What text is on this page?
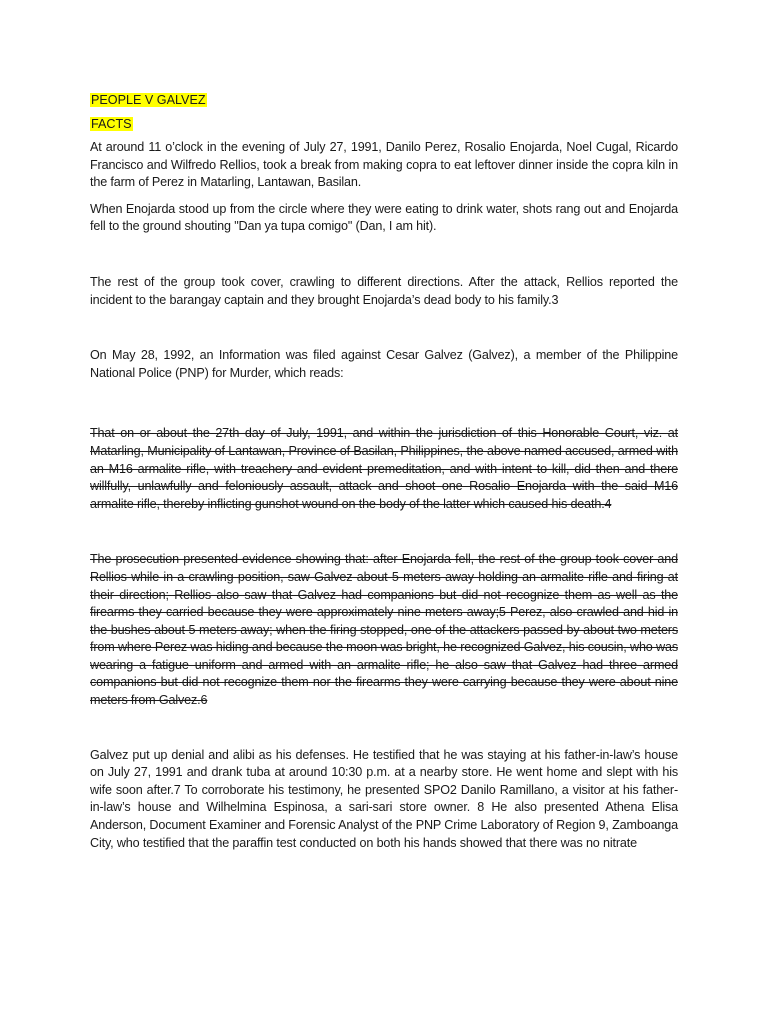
PEOPLE V GALVEZ
FACTS

At around 11 o’clock in the evening of July 27, 1991, Danilo Perez, Rosalio Enojarda, Noel Cugal, Ricardo Francisco and Wilfredo Rellios, took a break from making copra to eat leftover dinner inside the copra kiln in the farm of Perez in Matarling, Lantawan, Basilan.

When Enojarda stood up from the circle where they were eating to drink water, shots rang out and Enojarda fell to the ground shouting "Dan ya tupa comigo" (Dan, I am hit).

The rest of the group took cover, crawling to different directions. After the attack, Rellios reported the incident to the barangay captain and they brought Enojarda’s dead body to his family.3

On May 28, 1992, an Information was filed against Cesar Galvez (Galvez), a member of the Philippine National Police (PNP) for Murder, which reads:

That on or about the 27th day of July, 1991, and within the jurisdiction of this Honorable Court, viz. at Matarling, Municipality of Lantawan, Province of Basilan, Philippines, the above named accused, armed with an M16 armalite rifle, with treachery and evident premeditation, and with intent to kill, did then and there willfully, unlawfully and feloniously assault, attack and shoot one Rosalio Enojarda with the said M16 armalite rifle, thereby inflicting gunshot wound on the body of the latter which caused his death.4

The prosecution presented evidence showing that: after Enojarda fell, the rest of the group took cover and Rellios while in a crawling position, saw Galvez about 5 meters away holding an armalite rifle and firing at their direction; Rellios also saw that Galvez had companions but did not recognize them as well as the firearms they carried because they were approximately nine meters away;5 Perez, also crawled and hid in the bushes about 5 meters away; when the firing stopped, one of the attackers passed by about two meters from where Perez was hiding and because the moon was bright, he recognized Galvez, his cousin, who was wearing a fatigue uniform and armed with an armalite rifle; he also saw that Galvez had three armed companions but did not recognize them nor the firearms they were carrying because they were about nine meters from Galvez.6

Galvez put up denial and alibi as his defenses. He testified that he was staying at his father-in-law’s house on July 27, 1991 and drank tuba at around 10:30 p.m. at a nearby store. He went home and slept with his wife soon after.7 To corroborate his testimony, he presented SPO2 Danilo Ramillano, a visitor at his father-in-law’s house and Wilhelmina Espinosa, a sari-sari store owner. 8 He also presented Athena Elisa Anderson, Document Examiner and Forensic Analyst of the PNP Crime Laboratory of Region 9, Zamboanga City, who testified that the paraffin test conducted on both his hands showed that there was no nitrate
